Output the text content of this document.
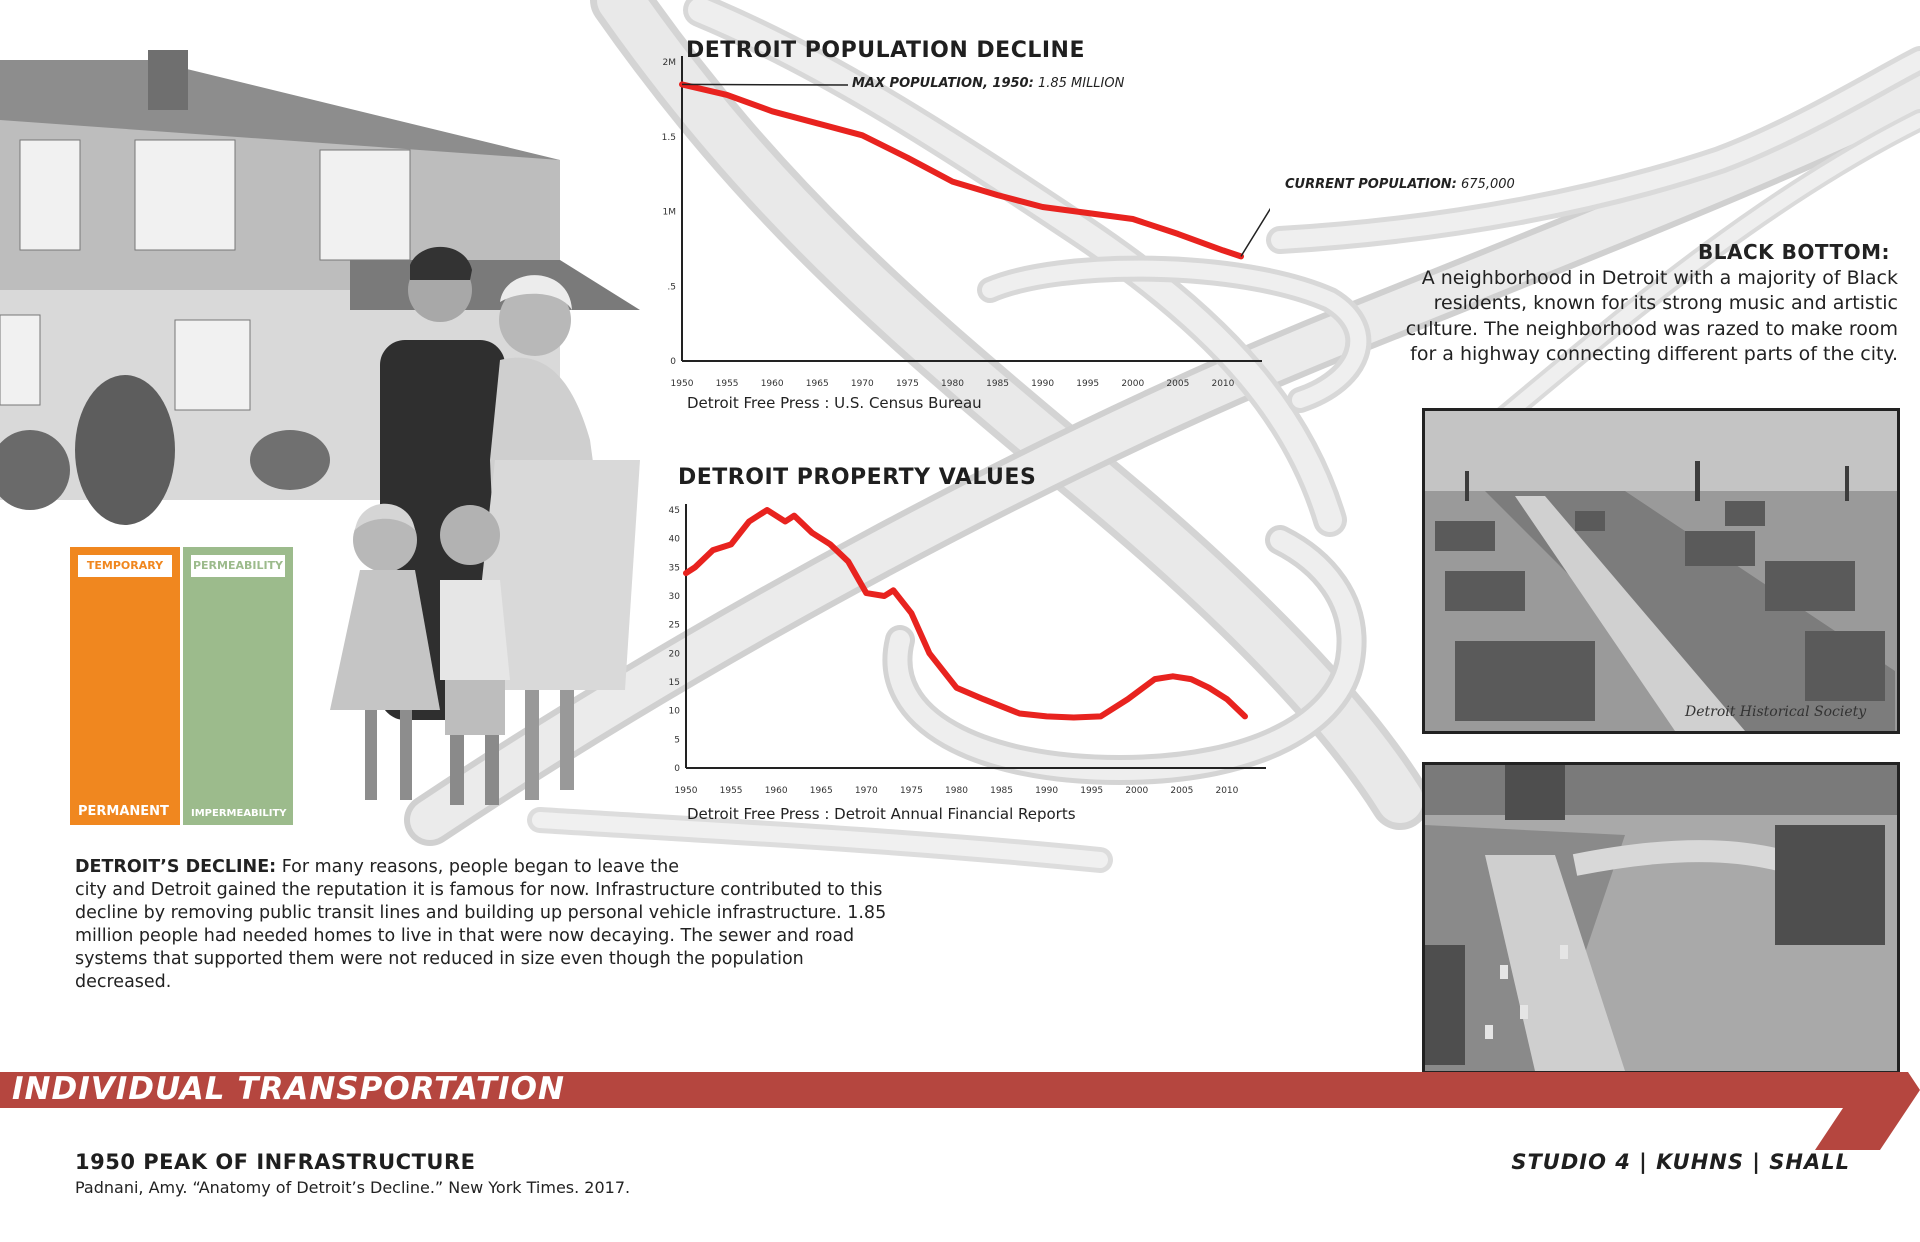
DETROIT POPULATION DECLINE
1950 1955 1960 1965 1970 1975 1980 1985 1990 1995 2000 2005 2010
0
.5
1M
1.5
2M
Detroit Free Press : U.S. Census Bureau
MAX POPULATION, 1950: 1.85 MILLION
CURRENT POPULATION: 675,000
DETROIT PROPERTY VALUES
1950 1955 1960 1965 1970 1975 1980 1985 1990 1995 2000 2005 2010
0
5
10
15
20
25
30
35
40
45
Detroit Free Press : Detroit Annual Financial Reports
TEMPORARY
PERMANENT
PERMEABILITY
IMPERMEABILITY
DETROIT’S DECLINE: For many reasons, people began to leave the
city and Detroit gained the reputation it is famous for now. Infrastructure contributed to this decline by removing public transit lines and building up personal vehicle infrastructure. 1.85 million people had needed homes to live in that were now decaying. The sewer and road systems that supported them were not reduced in size even though the population decreased.
BLACK BOTTOM:
A neighborhood in Detroit with a majority of Black residents, known for its strong music and artistic culture. The neighborhood was razed to make room for a highway connecting different parts of the city.
Detroit Historical Society
INDIVIDUAL TRANSPORTATION
1950 PEAK OF INFRASTRUCTURE
Padnani, Amy. “Anatomy of Detroit’s Decline.” New York Times. 2017.
STUDIO 4 | KUHNS | SHALL
